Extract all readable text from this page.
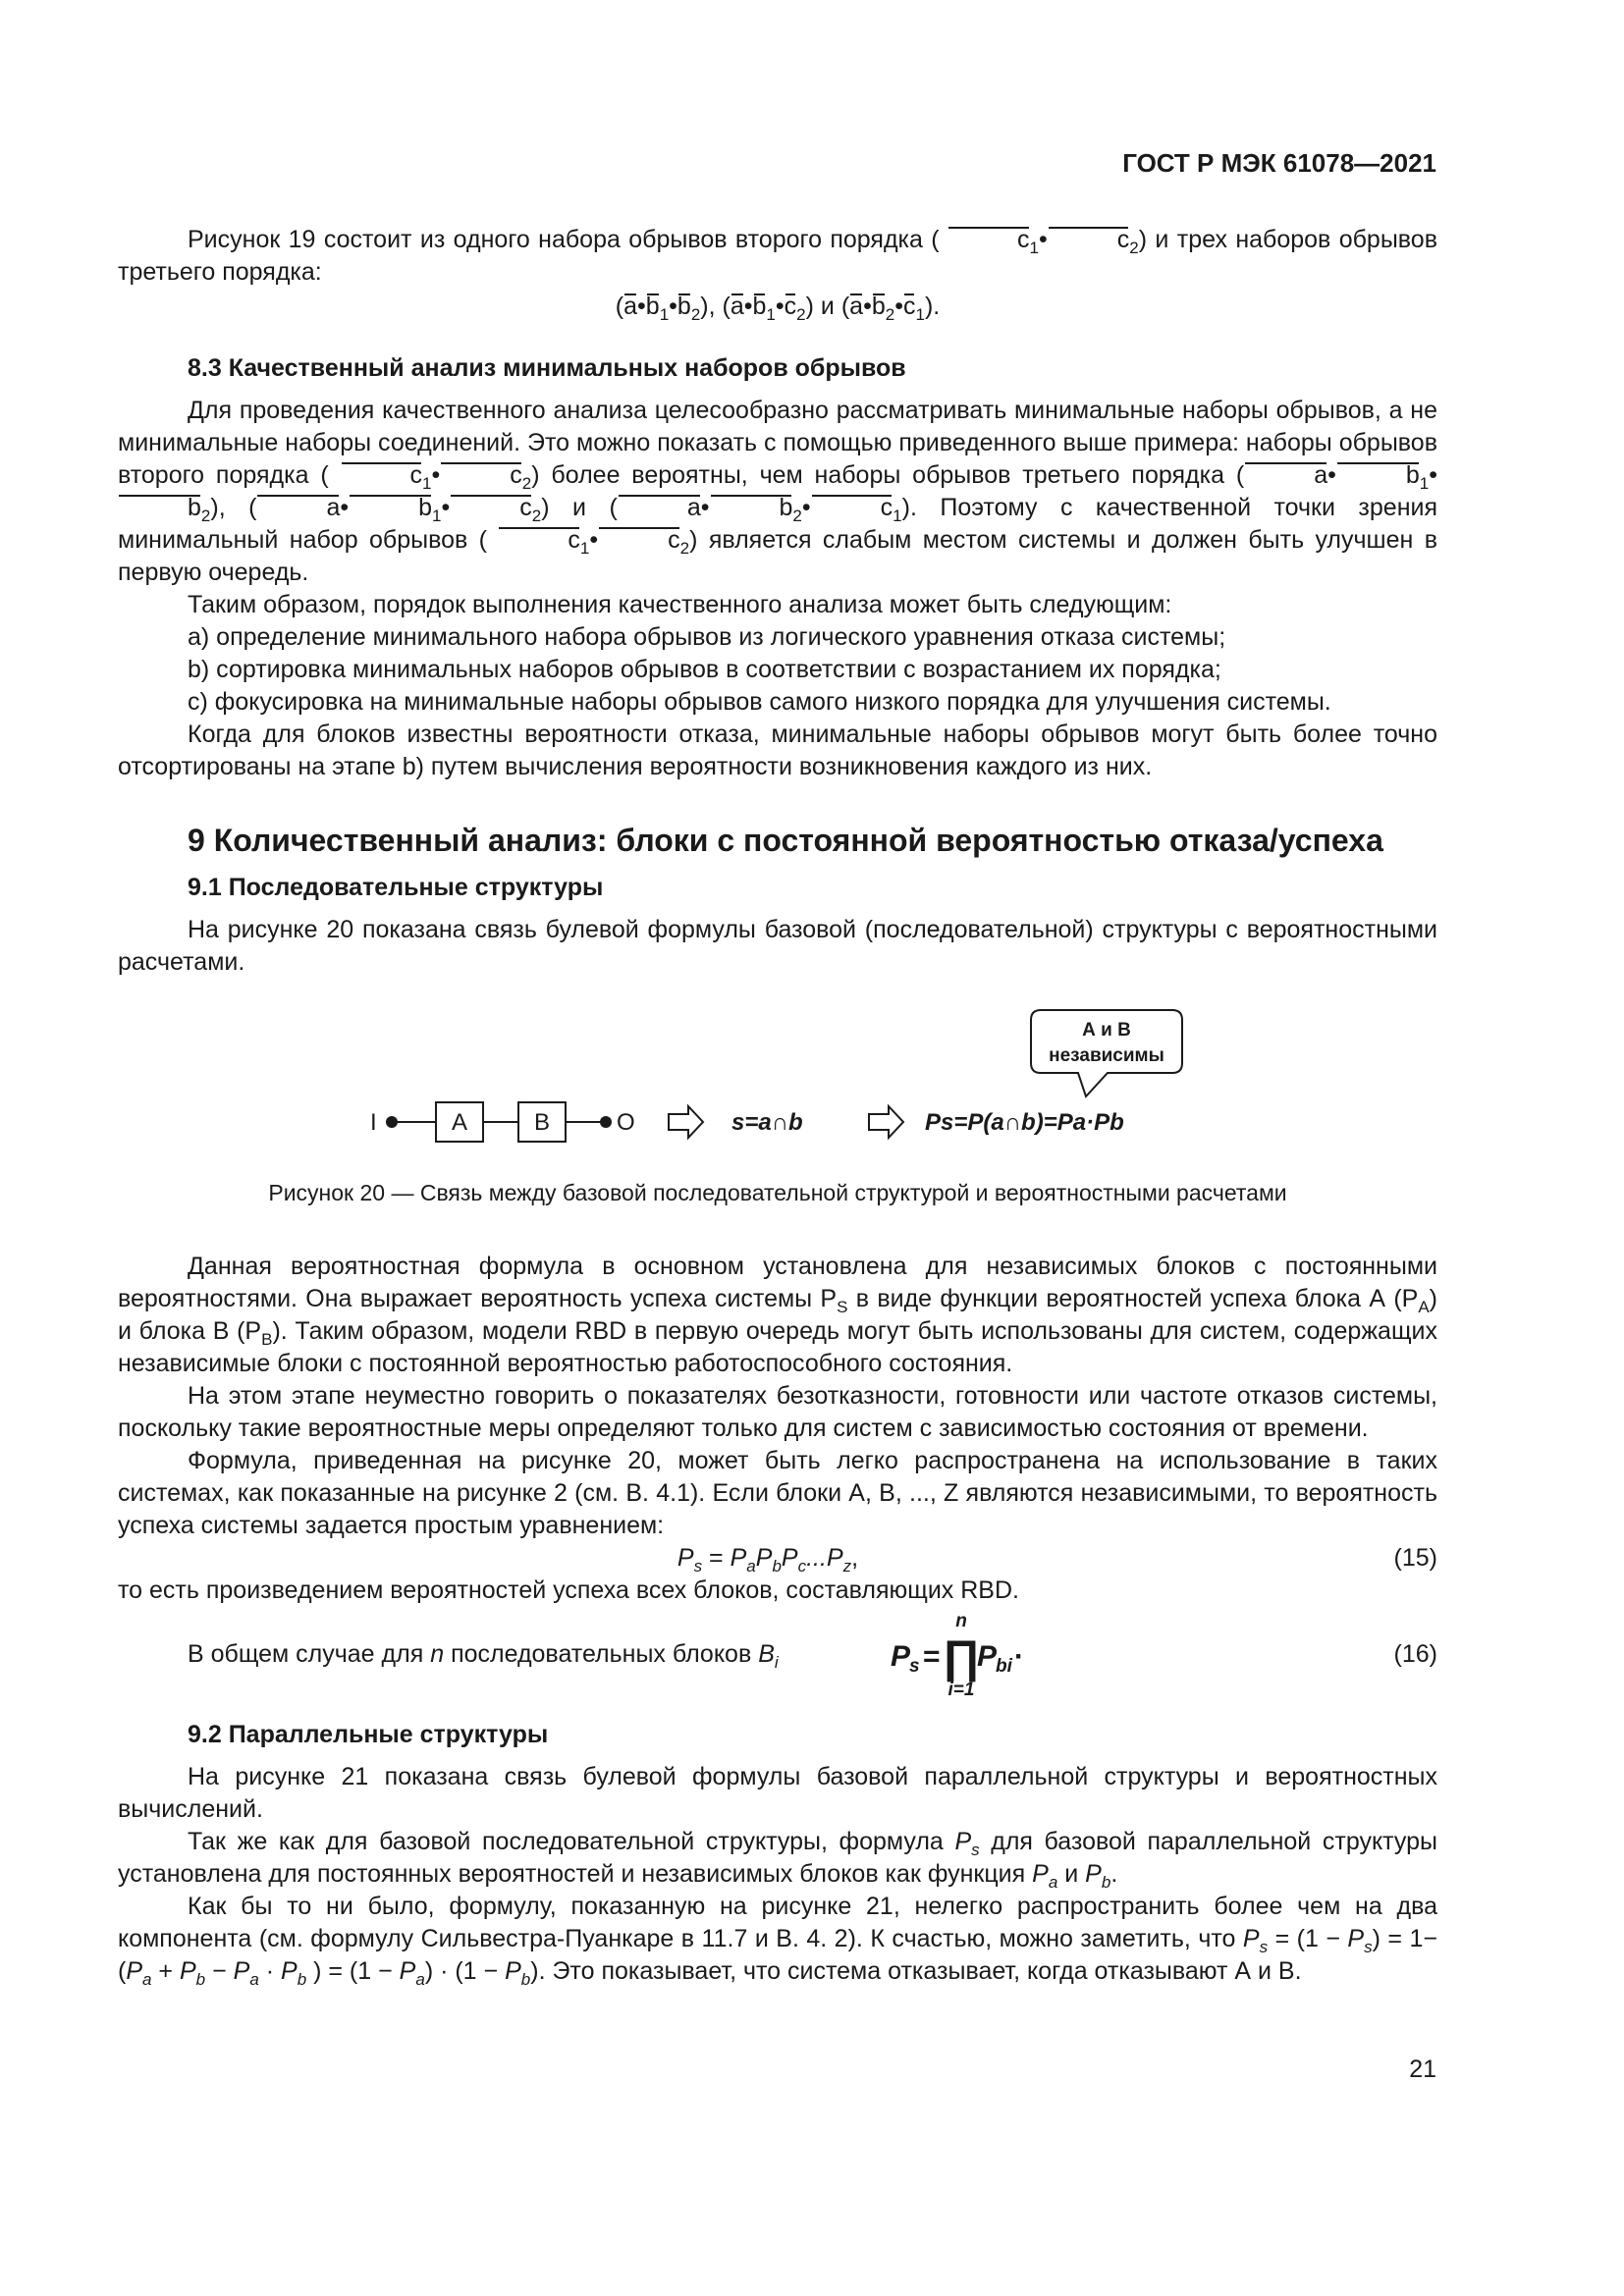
ГОСТ Р МЭК 61078—2021

Рисунок 19 состоит из одного набора обрывов второго порядка (	$c_1•$	$c_2$) и трех наборов обрывов третьего порядка:

$(a•b_1•b_2)$, $(a•b_1•c_2)$ и $(a•b_2•c_1)$.

8.3 Качественный анализ минимальных наборов обрывов

Для проведения качественного анализа целесообразно рассматривать минимальные наборы обрывов, а не минимальные наборы соединений. Это можно показать с помощью приведенного выше примера: наборы обрывов второго порядка (	$c_1•$	$c_2$) более вероятны, чем наборы обрывов третьего порядка (	a•	$b_1•b_2$), (	a•	$b_1•$	$c_2$) и (	a•	$b_2•$	$c_1$). Поэтому с качественной точки зрения минимальный набор обрывов (	$c_1•$	$c_2$) является слабым местом системы и должен быть улучшен в первую очередь.

Таким образом, порядок выполнения качественного анализа может быть следующим:

a) определение минимального набора обрывов из логического уравнения отказа системы;

b) сортировка минимальных наборов обрывов в соответствии с возрастанием их порядка;

c) фокусировка на минимальные наборы обрывов самого низкого порядка для улучшения системы.

Когда для блоков известны вероятности отказа, минимальные наборы обрывов могут быть более точно отсортированы на этапе b) путем вычисления вероятности возникновения каждого из них.

9 Количественный анализ: блоки с постоянной вероятностью отказа/успеха
9.1 Последовательные структуры

На рисунке 20 показана связь булевой формулы базовой (последовательной) структуры с вероятностными расчетами.

I	A	B	O	s=a∩b	Ps=P(a∩b)=Pa·Pb
А и В
независимы
Рисунок 20 — Связь между базовой последовательной структурой и вероятностными расчетами

Данная вероятностная формула в основном установлена для независимых блоков с постоянными вероятностями. Она выражает вероятность успеха системы $P_S$ в виде функции вероятностей успеха блока А $(P_A)$ и блока В $(P_B)$. Таким образом, модели RBD в первую очередь могут быть использованы для систем, содержащих независимые блоки с постоянной вероятностью работоспособного состояния.

На этом этапе неуместно говорить о показателях безотказности, готовности или частоте отказов системы, поскольку такие вероятностные меры определяют только для систем с зависимостью состояния от времени.

Формула, приведенная на рисунке 20, может быть легко распространена на использование в таких системах, как показанные на рисунке 2 (см. В. 4.1). Если блоки А, В, ..., Z являются независимыми, то вероятность успеха системы задается простым уравнением:

$P_s = P_aP_bP_c...P_z$,	(15)

то есть произведением вероятностей успеха всех блоков, составляющих RBD.

В общем случае для n последовательных блоков $B_i$	P
s =
n
∏
i=1
P
bi ·	(16)
9.2 Параллельные структуры

На рисунке 21 показана связь булевой формулы базовой параллельной структуры и вероятностных вычислений.

Так же как для базовой последовательной структуры, формула $P_s$ для базовой параллельной структуры установлена для постоянных вероятностей и независимых блоков как функция $P_a$ и $P_b$.

Как бы то ни было, формулу, показанную на рисунке 21, нелегко распространить более чем на два компонента (см. формулу Сильвестра-Пуанкаре в 11.7 и В. 4. 2). К счастью, можно заметить, что $P_s = (1 - P_s) = 1- (P_a + P_b - P_a \cdot P_b$ ) = $(1 - P_a) \cdot (1 - P_b)$. Это показывает, что система отказывает, когда отказывают А и В.

21
